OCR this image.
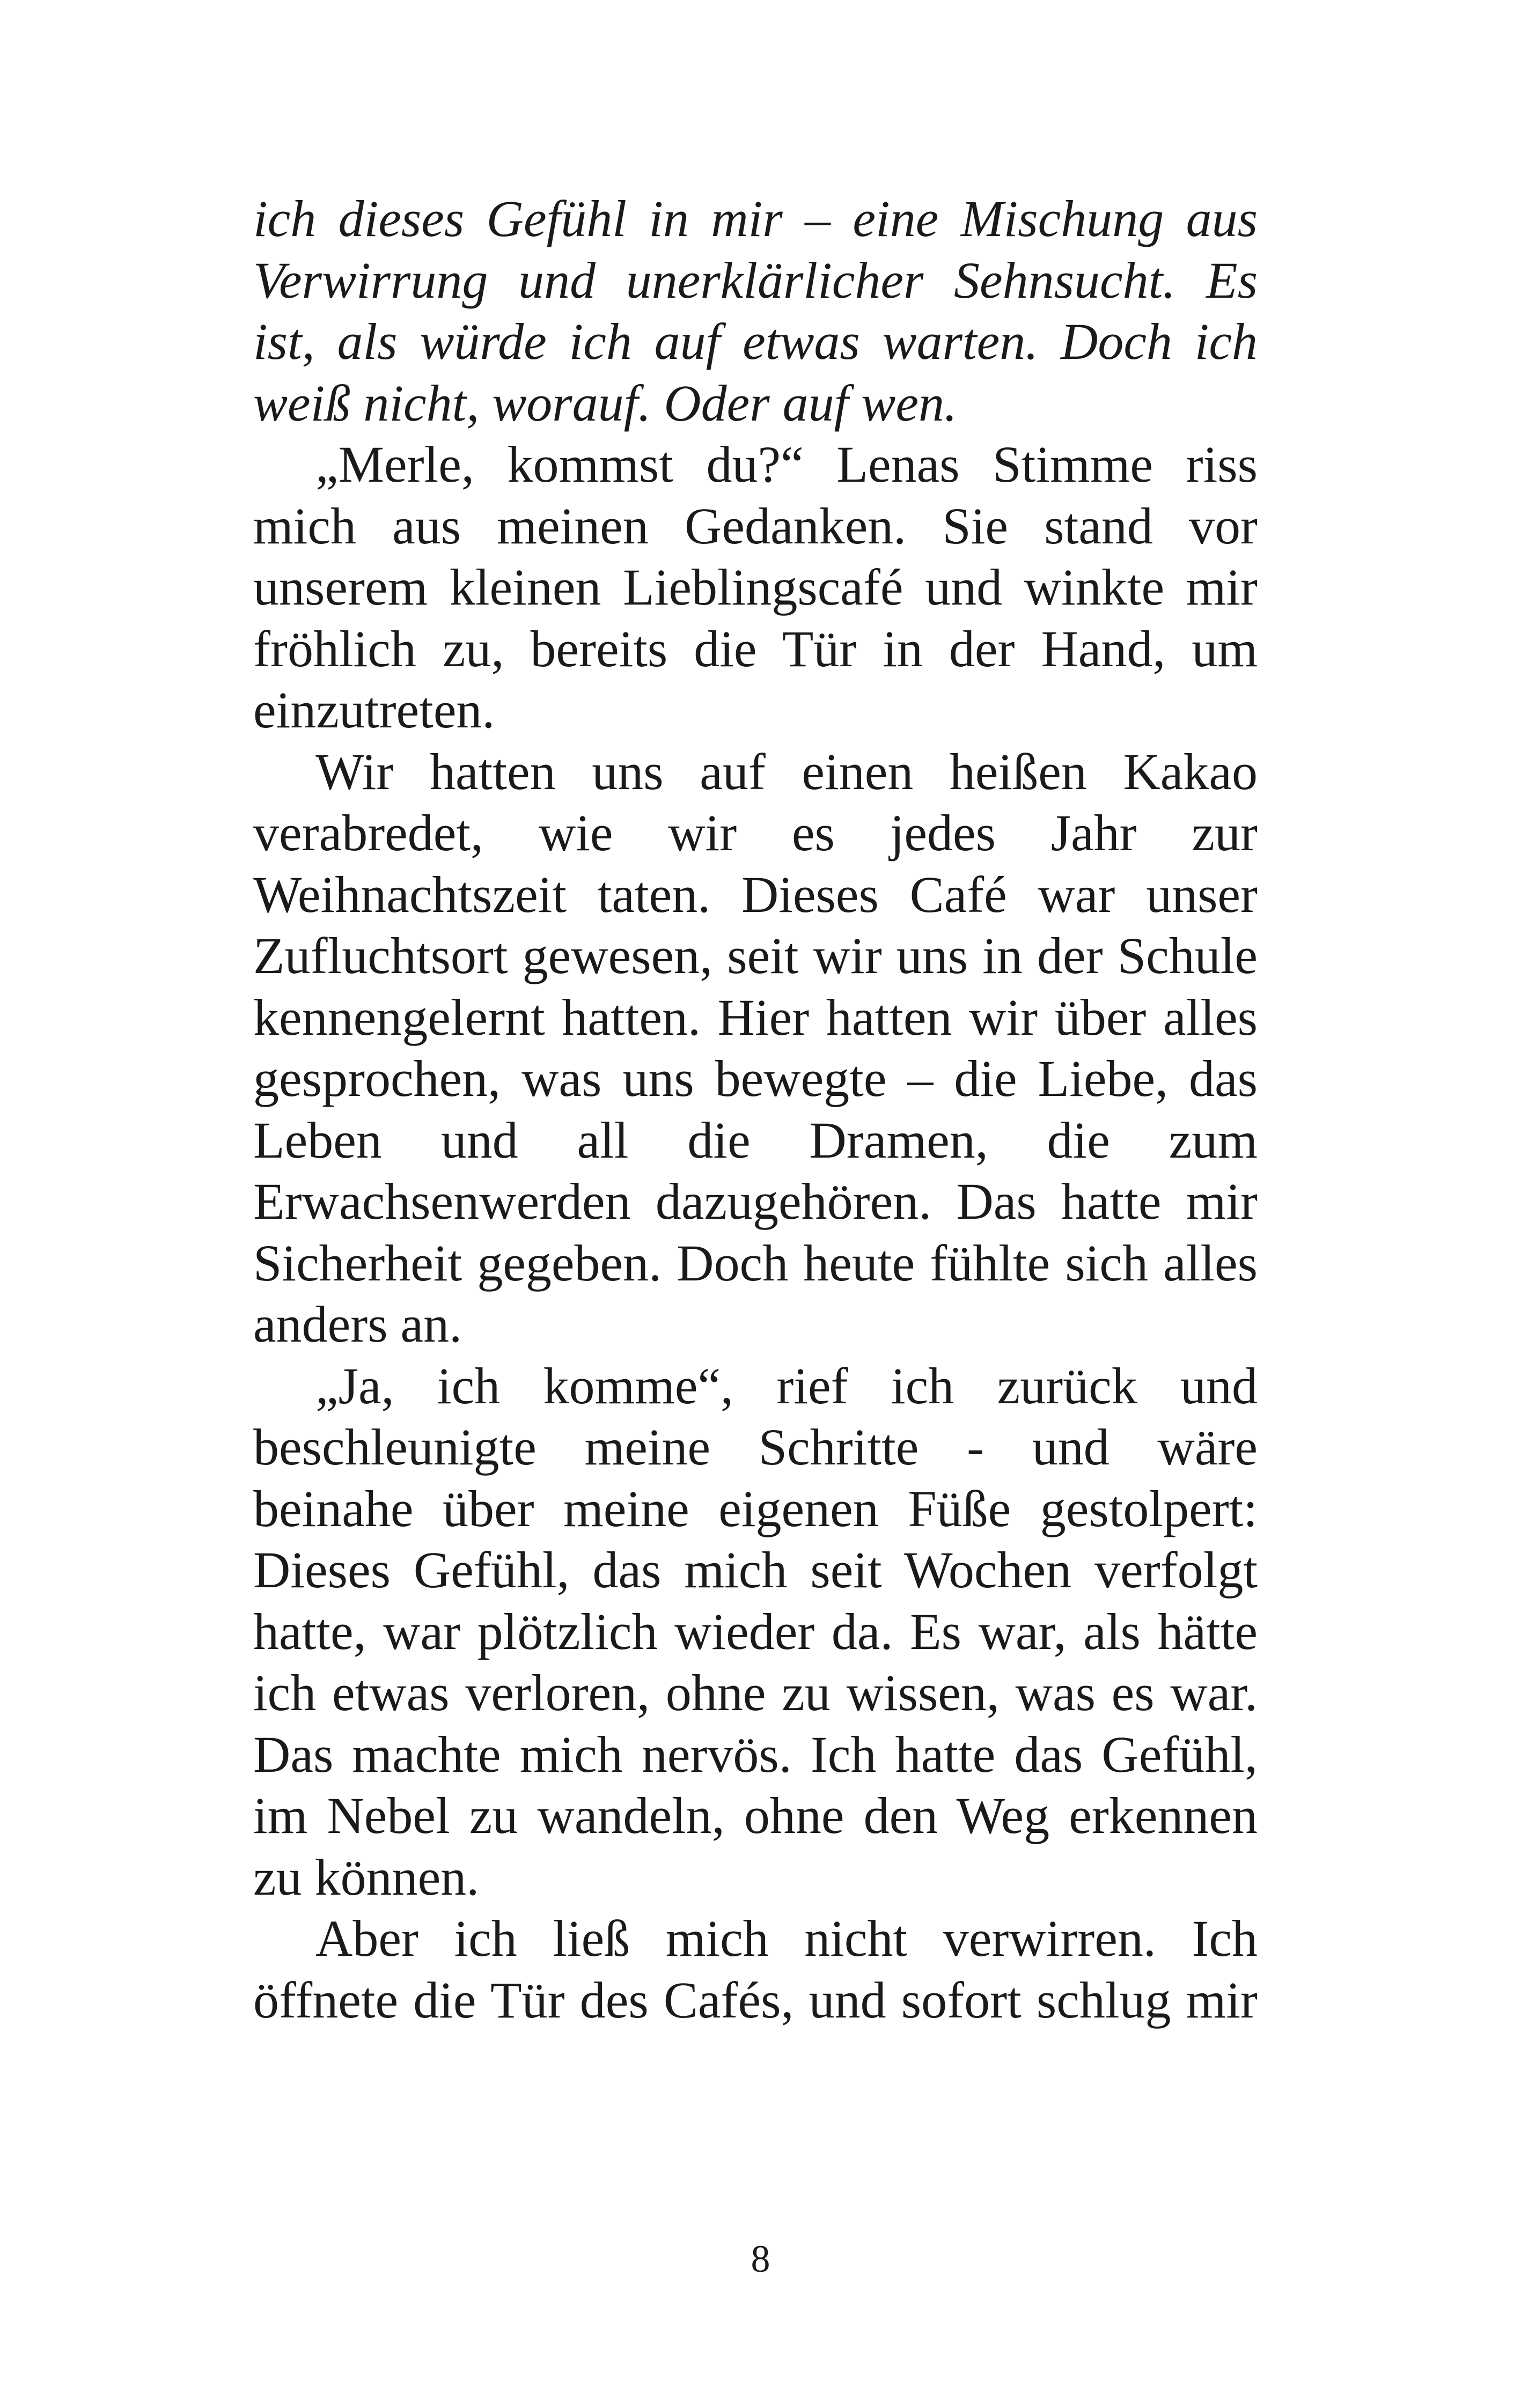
ich dieses Gefühl in mir – eine Mischung aus
Verwirrung und unerklärlicher Sehnsucht. Es
ist, als würde ich auf etwas warten. Doch ich
weiß nicht, worauf. Oder auf wen.
„Merle, kommst du?“ Lenas Stimme riss
mich aus meinen Gedanken. Sie stand vor
unserem kleinen Lieblingscafé und winkte mir
fröhlich zu, bereits die Tür in der Hand, um
einzutreten.
Wir hatten uns auf einen heißen Kakao
verabredet, wie wir es jedes Jahr zur
Weihnachtszeit taten. Dieses Café war unser
Zufluchtsort gewesen, seit wir uns in der Schule
kennengelernt hatten. Hier hatten wir über alles
gesprochen, was uns bewegte – die Liebe, das
Leben und all die Dramen, die zum
Erwachsenwerden dazugehören. Das hatte mir
Sicherheit gegeben. Doch heute fühlte sich alles
anders an.
„Ja, ich komme“, rief ich zurück und
beschleunigte meine Schritte - und wäre
beinahe über meine eigenen Füße gestolpert:
Dieses Gefühl, das mich seit Wochen verfolgt
hatte, war plötzlich wieder da. Es war, als hätte
ich etwas verloren, ohne zu wissen, was es war.
Das machte mich nervös. Ich hatte das Gefühl,
im Nebel zu wandeln, ohne den Weg erkennen
zu können.
Aber ich ließ mich nicht verwirren. Ich
öffnete die Tür des Cafés, und sofort schlug mir
8
